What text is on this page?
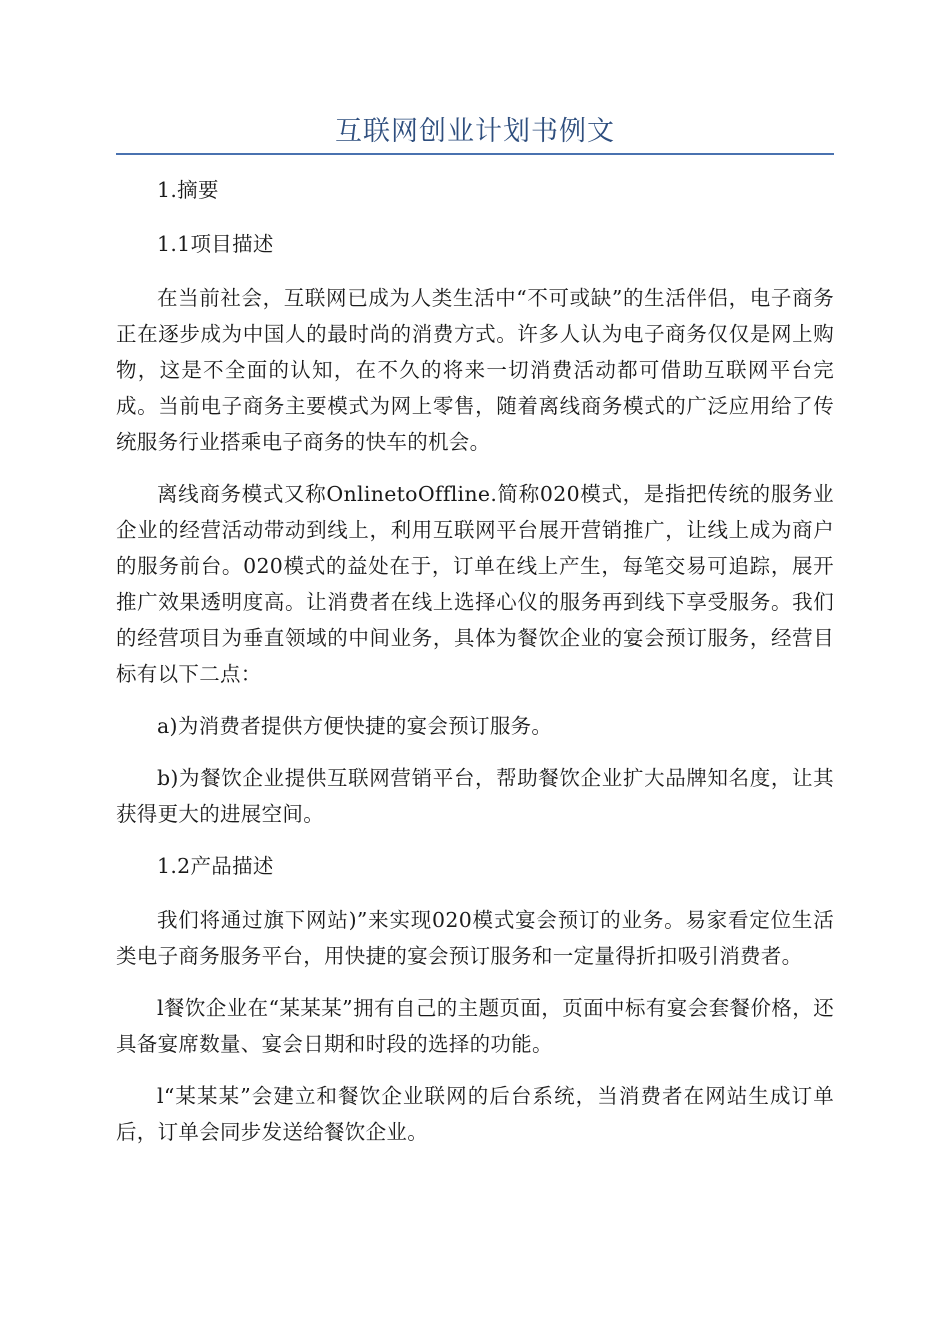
互联网创业计划书例文

1.摘要

1.1项目描述

在当前社会，互联网已成为人类生活中“不可或缺”的生活伴侣，电子商务正在逐步成为中国人的最时尚的消费方式。许多人认为电子商务仅仅是网上购物，这是不全面的认知，在不久的将来一切消费活动都可借助互联网平台完成。当前电子商务主要模式为网上零售，随着离线商务模式的广泛应用给了传统服务行业搭乘电子商务的快车的机会。

离线商务模式又称OnlinetoOffline.简称020模式，是指把传统的服务业企业的经营活动带动到线上，利用互联网平台展开营销推广，让线上成为商户的服务前台。020模式的益处在于，订单在线上产生，每笔交易可追踪，展开推广效果透明度高。让消费者在线上选择心仪的服务再到线下享受服务。我们的经营项目为垂直领域的中间业务，具体为餐饮企业的宴会预订服务，经营目标有以下二点：

a)为消费者提供方便快捷的宴会预订服务。

b)为餐饮企业提供互联网营销平台，帮助餐饮企业扩大品牌知名度，让其获得更大的进展空间。

1.2产品描述

我们将通过旗下网站)”来实现020模式宴会预订的业务。易家看定位生活类电子商务服务平台，用快捷的宴会预订服务和一定量得折扣吸引消费者。

l餐饮企业在“某某某”拥有自己的主题页面，页面中标有宴会套餐价格，还具备宴席数量、宴会日期和时段的选择的功能。

l“某某某”会建立和餐饮企业联网的后台系统，当消费者在网站生成订单后，订单会同步发送给餐饮企业。
